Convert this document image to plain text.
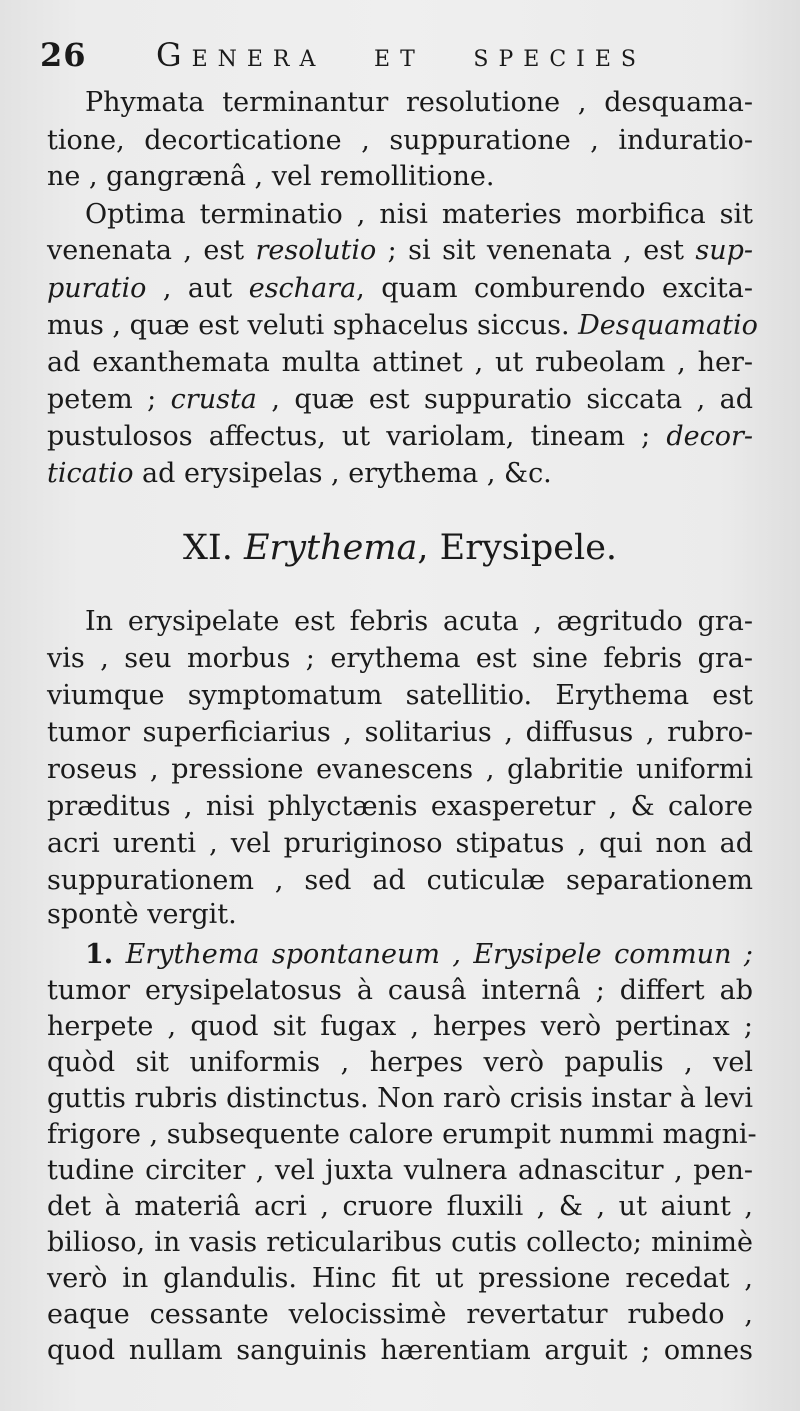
26 Genera et species
Phymata terminantur resolutione , desquama-
tione, decorticatione , suppuratione , induratio-
ne , gangrænâ , vel remollitione.
Optima terminatio , nisi materies morbifica sit
venenata , est resolutio ; si sit venenata , est sup-
puratio , aut eschara, quam comburendo excita-
mus , quæ est veluti sphacelus siccus. Desquamatio
ad exanthemata multa attinet , ut rubeolam , her-
petem ; crusta , quæ est suppuratio siccata , ad
pustulosos affectus, ut variolam, tineam ; decor-
ticatio ad erysipelas , erythema , &c.
XI. Erythema, Erysipele.
In erysipelate est febris acuta , ægritudo gra-
vis , seu morbus ; erythema est sine febris gra-
viumque symptomatum satellitio. Erythema est
tumor superficiarius , solitarius , diffusus , rubro-
roseus , pressione evanescens , glabritie uniformi
præditus , nisi phlyctænis exasperetur , & calore
acri urenti , vel pruriginoso stipatus , qui non ad
suppurationem , sed ad cuticulæ separationem
spontè vergit.
1. Erythema spontaneum , Erysipele commun ;
tumor erysipelatosus à causâ internâ ; differt ab
herpete , quod sit fugax , herpes verò pertinax ;
quòd sit uniformis , herpes verò papulis , vel
guttis rubris distinctus. Non rarò crisis instar à levi
frigore , subsequente calore erumpit nummi magni-
tudine circiter , vel juxta vulnera adnascitur , pen-
det à materiâ acri , cruore fluxili , & , ut aiunt ,
bilioso, in vasis reticularibus cutis collecto; minimè
verò in glandulis. Hinc fit ut pressione recedat ,
eaque cessante velocissimè revertatur rubedo ,
quod nullam sanguinis hærentiam arguit ; omnes
